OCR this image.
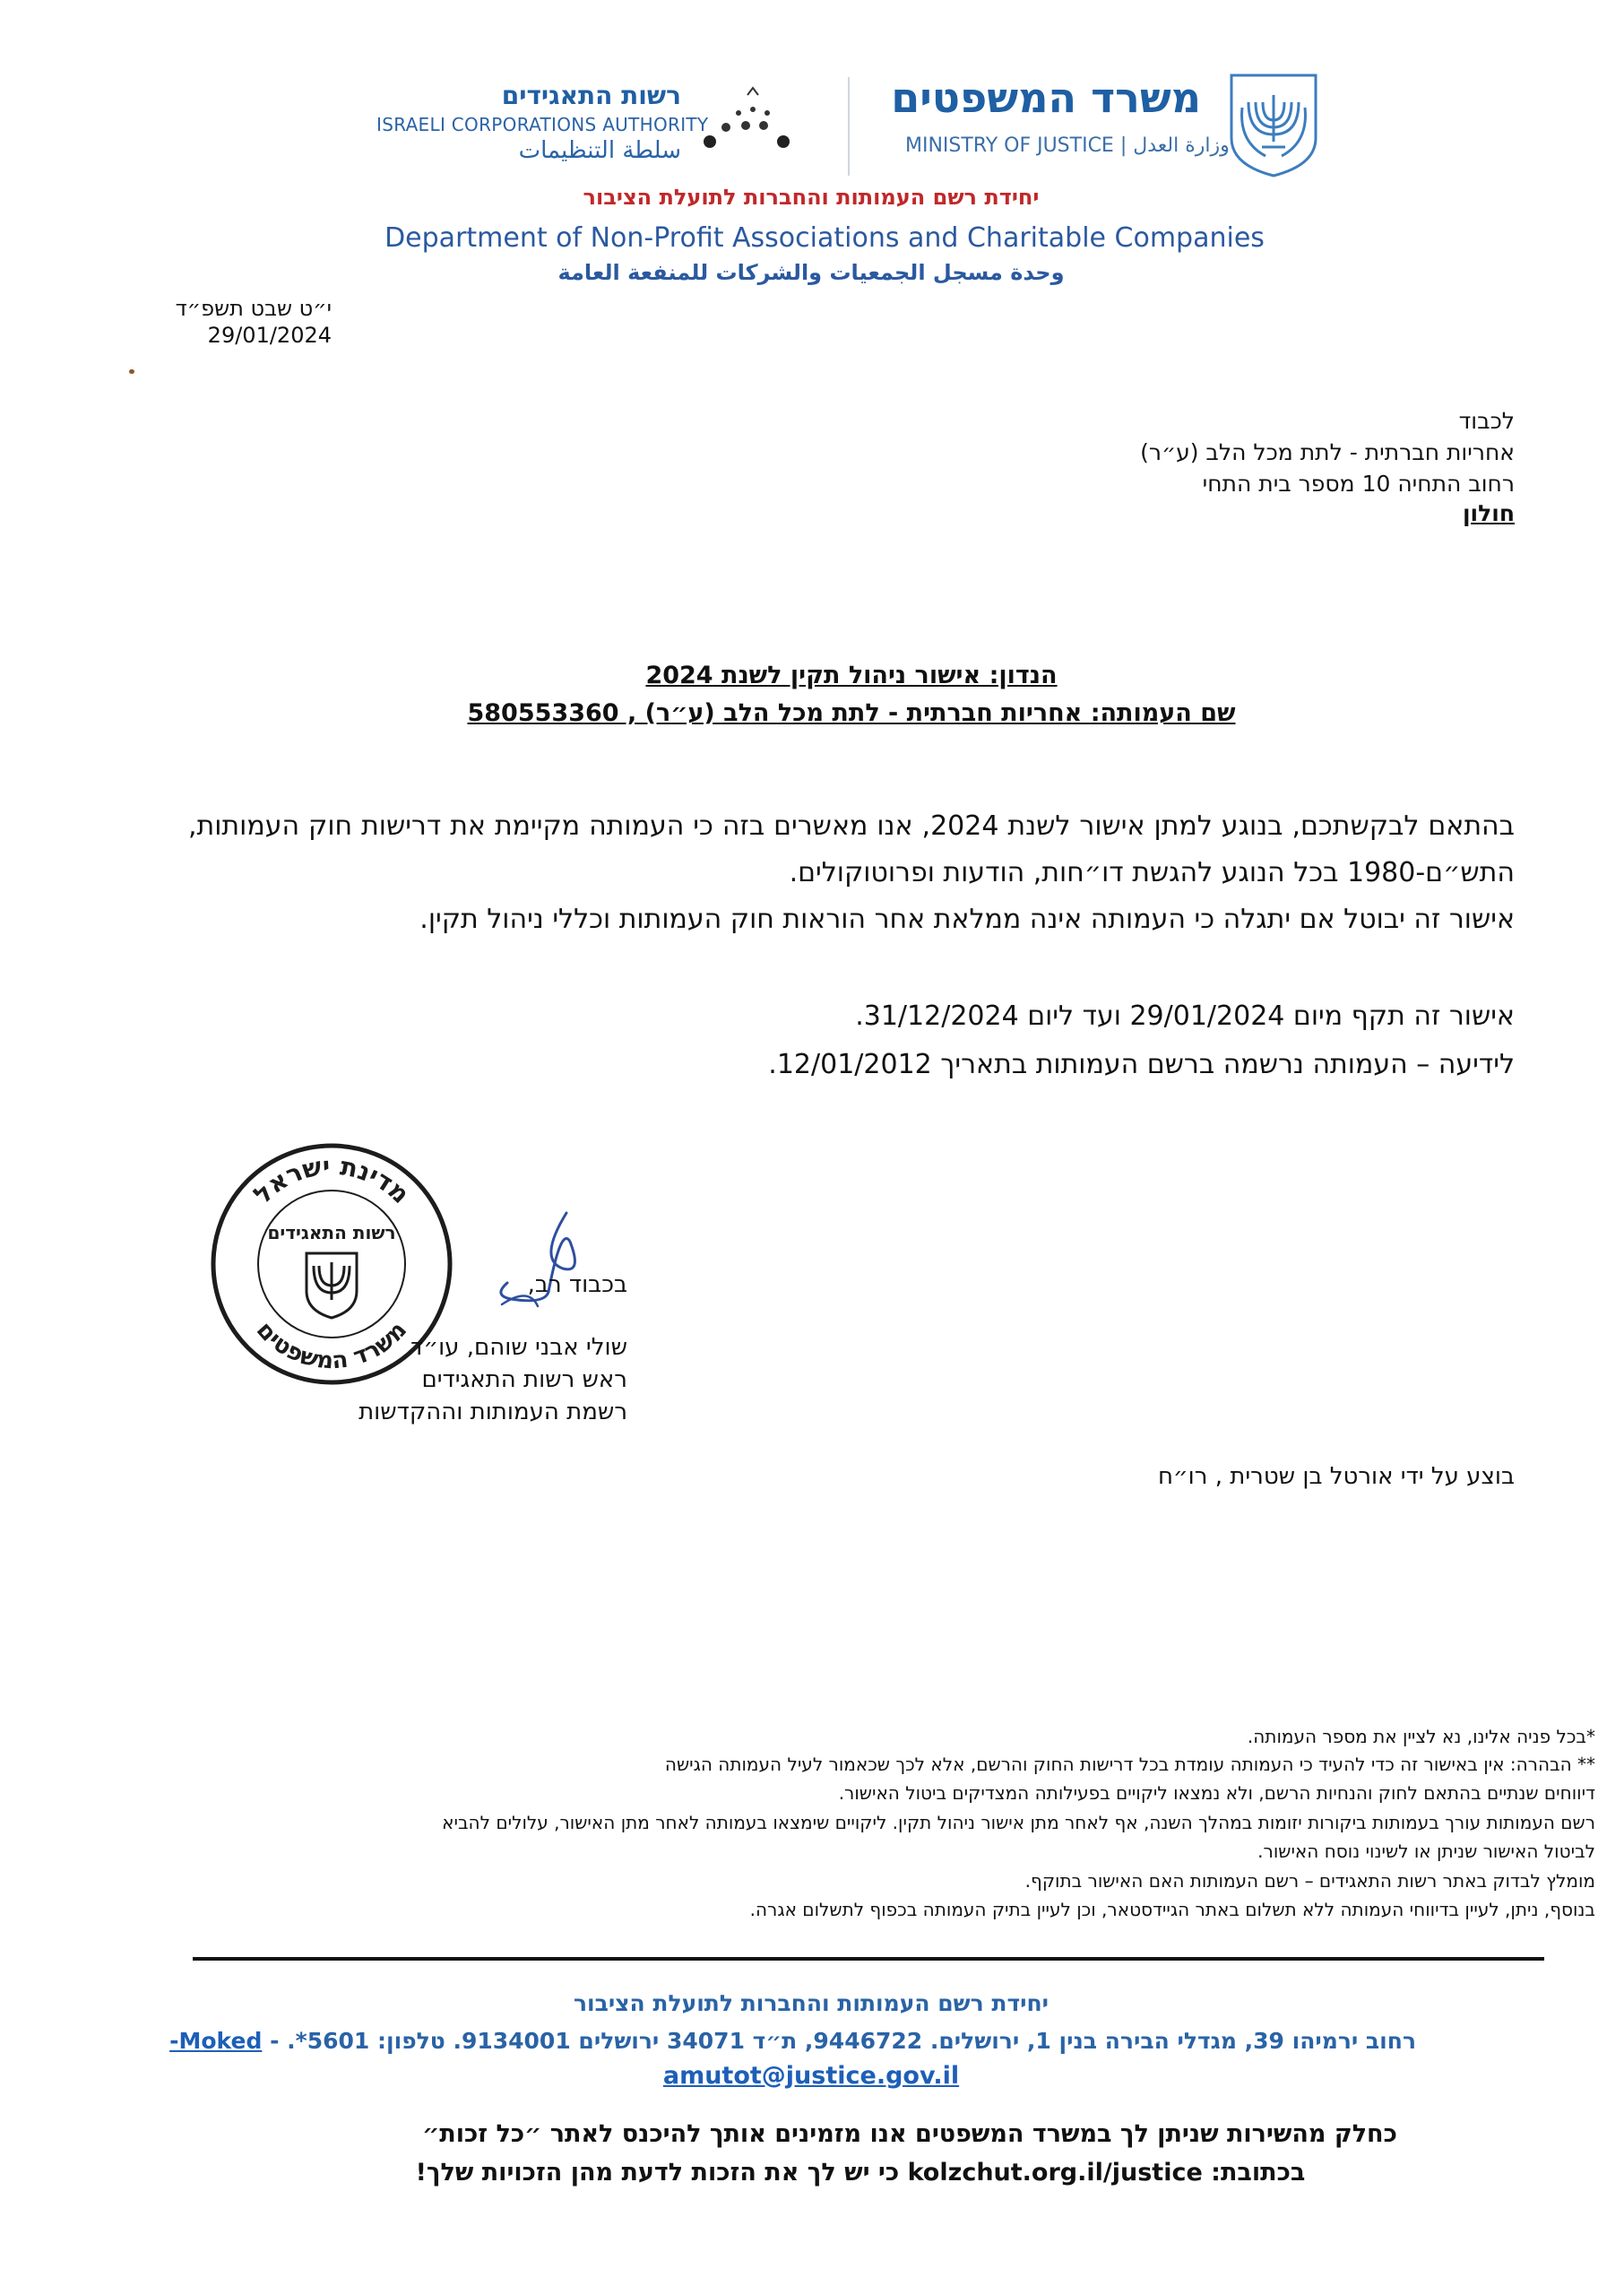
משרד המשפטים
MINISTRY OF JUSTICE | وزارة العدل
רשות התאגידים
ISRAELI CORPORATIONS AUTHORITY
سلطة التنظيمات
יחידת רשם העמותות והחברות לתועלת הציבור
Department of Non-Profit Associations and Charitable Companies
وحدة مسجل الجمعيات والشركات للمنفعة العامة
י״ט שבט תשפ״ד
29/01/2024
לכבוד
אחריות חברתית - לתת מכל הלב (ע״ר)
רחוב התחיה 10 מספר בית התחי
חולון
הנדון: אישור ניהול תקין לשנת 2024
שם העמותה: אחריות חברתית - לתת מכל הלב (ע״ר) , 580553360
בהתאם לבקשתכם, בנוגע למתן אישור לשנת 2024, אנו מאשרים בזה כי העמותה מקיימת את דרישות חוק העמותות, התש״ם-1980 בכל הנוגע להגשת דו״חות, הודעות ופרוטוקולים.
אישור זה יבוטל אם יתגלה כי העמותה אינה ממלאת אחר הוראות חוק העמותות וכללי ניהול תקין.
אישור זה תקף מיום 29/01/2024 ועד ליום 31/12/2024.
לידיעה – העמותה נרשמה ברשם העמותות בתאריך 12/01/2012.
מדינת ישראל
משרד המשפטים
רשות התאגידים
בכבוד רב,
שולי אבני שוהם, עו״ד
ראש רשות התאגידים
רשמת העמותות וההקדשות
בוצע על ידי אורטל בן שטרית , רו״ח
*בכל פניה אלינו, נא לציין את מספר העמותה.
** הבהרה: אין באישור זה כדי להעיד כי העמותה עומדת בכל דרישות החוק והרשם, אלא לכך שכאמור לעיל העמותה הגישה
דיווחים שנתיים בהתאם לחוק והנחיות הרשם, ולא נמצאו ליקויים בפעילותה המצדיקים ביטול האישור.
רשם העמותות עורך בעמותות ביקורות יזומות במהלך השנה, אף לאחר מתן אישור ניהול תקין. ליקויים שימצאו בעמותה לאחר מתן האישור, עלולים להביא
לביטול האישור שניתן או לשינוי נוסח האישור.
מומלץ לבדוק באתר רשות התאגידים – רשם העמותות האם האישור בתוקף.
בנוסף, ניתן, לעיין בדיווחי העמותה ללא תשלום באתר הגיידסטאר, וכן לעיין בתיק העמותה בכפוף לתשלום אגרה.
יחידת רשם העמותות והחברות לתועלת הציבור
רחוב ירמיהו 39, מגדלי הבירה בנין 1, ירושלים. 9446722, ת״ד 34071 ירושלים 9134001. טלפון: 5601*. - Moked-
amutot@justice.gov.il
כחלק מהשירות שניתן לך במשרד המשפטים אנו מזמינים אותך להיכנס לאתר ״כל זכות״
בכתובת: kolzchut.org.il/justice כי יש לך את הזכות לדעת מהן הזכויות שלך!
